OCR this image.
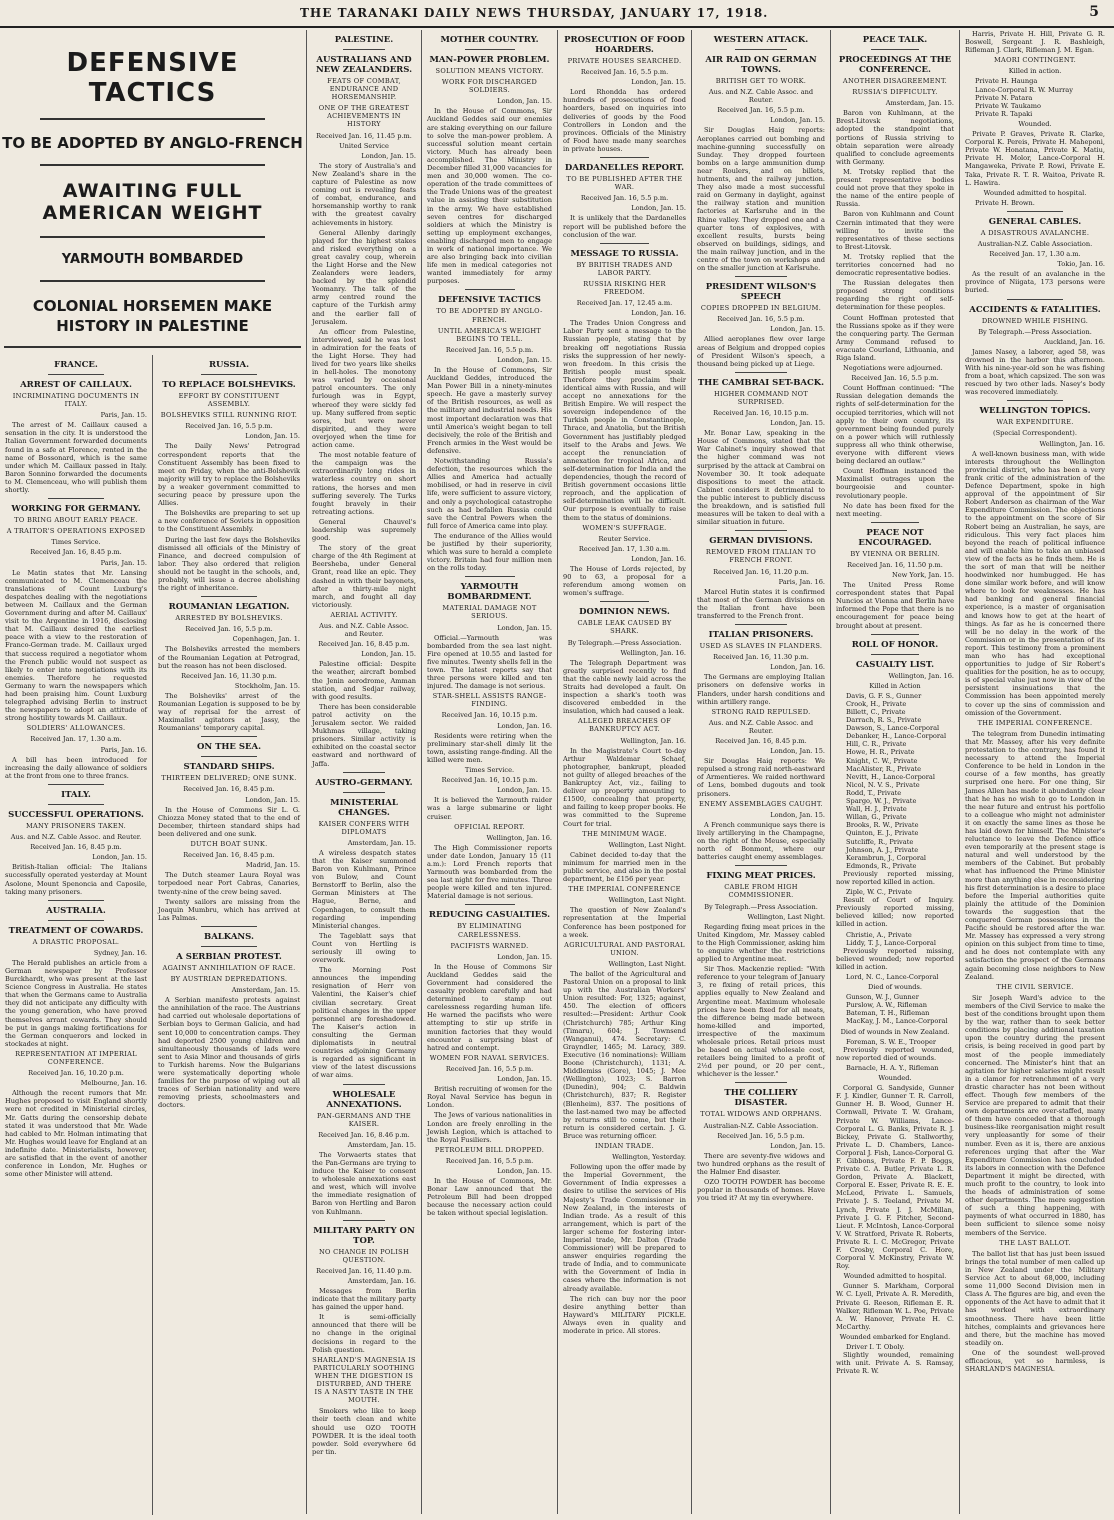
THE TARANAKI DAILY NEWS THURSDAY, JANUARY 17, 1918.	5
DEFENSIVE TACTICS
TO BE ADOPTED BY ANGLO-FRENCH
AWAITING FULL AMERICAN WEIGHT
YARMOUTH BOMBARDED
COLONIAL HORSEMEN MAKE HISTORY IN PALESTINE
FRANCE.
ARREST OF CAILLAUX.
INCRIMINATING DOCUMENTS IN ITALY.
Paris, Jan. 15.

The arrest of M. Caillaux caused a sensation in the city. It is understood the Italian Government forwarded documents found in a safe at Florence, rented in the name of Bossonard, which is the same under which M. Caillaux passed in Italy. Baron Sonnino forwarded the documents to M. Clemenceau, who will publish them shortly.

WORKING FOR GERMANY.
TO BRING ABOUT EARLY PEACE.
A TRAITOR'S OPERATIONS EXPOSED
Times Service.
Received Jan. 16, 8.45 p.m.
Paris, Jan. 15.

Le Matin states that Mr. Lansing communicated to M. Clemenceau the translations of Count Luxburg's despatches dealing with the negotiations between M. Caillaux and the German Government during and after M. Caillaux' visit to the Argentine in 1916, disclosing that M. Caillaux desired the earliest peace with a view to the restoration of Franco-German trade. M. Caillaux urged that success required a negotiator whom the French public would not suspect as likely to enter into negotiations with its enemies. Therefore he requested Germany to warn the newspapers which had been praising him. Count Luxburg telegraphed advising Berlin to instruct the newspapers to adopt an attitude of strong hostility towards M. Caillaux.

SOLDIERS' ALLOWANCES.
Received Jan. 17, 1.30 a.m.
Paris, Jan. 16.

A bill has been introduced for increasing the daily allowance of soldiers at the front from one to three francs.

ITALY.
SUCCESSFUL OPERATIONS.
MANY PRISONERS TAKEN.
Aus. and N.Z. Cable Assoc. and Reuter.
Received Jan. 16, 8.45 p.m.
London, Jan. 15.

British-Italian official: The Italians successfully operated yesterday at Mount Asolone, Mount Spenoncia and Caposile, taking many prisoners.

AUSTRALIA.
TREATMENT OF COWARDS.
A DRASTIC PROPOSAL.
Sydney, Jan. 16.

The Herald publishes an article from a German newspaper by Professor Burckhardt, who was present at the last Science Congress in Australia. He states that when the Germans came to Australia they did not anticipate any difficulty with the young generation, who have proved themselves arrant cowards. They should be put in gangs making fortifications for the German conquerors and locked in stockades at night.

REPRESENTATION AT IMPERIAL CONFERENCE.
Received Jan. 16, 10.20 p.m.
Melbourne, Jan. 16.

Although the recent rumors that Mr. Hughes proposed to visit England shortly were not credited in Ministerial circles, Mr. Gatts during the censorship debate stated it was understood that Mr. Wade had cabled to Mr. Holman intimating that Mr. Hughes would leave for England at an indefinite date. Ministerialists, however, are satisfied that in the event of another conference in London, Mr. Hughes or some other Minister will attend.

RUSSIA.
TO REPLACE BOLSHEVIKS.
EFFORT BY CONSTITUENT ASSEMBLY.
BOLSHEVIKS STILL RUNNING RIOT.
Received Jan. 16, 5.5 p.m.
London, Jan. 15.

The Daily News' Petrograd correspondent reports that the Constituent Assembly has been fixed to meet on Friday, when the anti-Bolshevik majority will try to replace the Bolsheviks by a weaker government committed to securing peace by pressure upon the Allies.

The Bolsheviks are preparing to set up a new conference of Soviets in opposition to the Constituent Assembly.

During the last few days the Bolsheviks dismissed all officials of the Ministry of Finance, and decreed compulsion of labor. They also ordered that religion should not be taught in the schools, and, probably, will issue a decree abolishing the right of inheritance.

ROUMANIAN LEGATION.
ARRESTED BY BOLSHEVIKS.
Received Jan. 16, 5.5 p.m.
Copenhagen, Jan. 1.

The Bolsheviks arrested the members of the Roumanian Legation at Petrograd, but the reason has not been disclosed.

Received Jan. 16, 11.30 p.m.
Stockholm, Jan. 15.

The Bolsheviks' arrest of the Roumanian Legation is supposed to be by way of reprisal for the arrest of Maximalist agitators at Jassy, the Roumanians' temporary capital.

ON THE SEA.
STANDARD SHIPS.
THIRTEEN DELIVERED; ONE SUNK.
Received Jan. 16, 8.45 p.m.
London, Jan. 15.

In the House of Commons Sir L. G. Chiozza Money stated that to the end of December, thirteen standard ships had been delivered and one sunk.

DUTCH BOAT SUNK.
Received Jan. 16, 8.45 p.m.
Madrid, Jan. 15.

The Dutch steamer Laura Royal was torpedoed near Port Cabras, Canaries, twenty-nine of the crew being saved.

Twenty sailors are missing from the Joaquin Mumbru, which has arrived at Las Palmas.

BALKANS.
A SERBIAN PROTEST.
AGAINST ANNIHILATION OF RACE.
BY AUSTRIAN DEPREDATIONS.
Amsterdam, Jan. 15.

A Serbian manifesto protests against the annihilation of the race. The Austrians had carried out wholesale deportations of Serbian boys to German Galicia, and had sent 10,000 to concentration camps. They had deported 2500 young children and simultaneously thousands of lads were sent to Asia Minor and thousands of girls to Turkish harems. Now the Bulgarians were systematically deporting whole families for the purpose of wiping out all traces of Serbian nationality and were removing priests, schoolmasters and doctors.

PALESTINE.
AUSTRALIANS AND NEW ZEALANDERS.
FEATS OF COMBAT, ENDURANCE AND HORSEMANSHIP.
ONE OF THE GREATEST ACHIEVEMENTS IN HISTORY
Received Jan. 16, 11.45 p.m.
United Service
London, Jan. 15.

The story of Australia's and New Zealand's share in the capture of Palestine as now coming out is revealing feats of combat, endurance, and horsemanship worthy to rank with the greatest cavalry achievements in history.

General Allenby daringly played for the highest stakes and risked everything on a great cavalry coup, wherein the Light Horse and the New Zealanders were leaders, backed by the splendid Yeomanry. The talk of the army centred round the capture of the Turkish army and the earlier fall of Jerusalem.

An officer from Palestine, interviewed, said he was lost in admiration for the feats of the Light Horse. They had lived for two years like sheiks in hell-holes. The monotony was varied by occasional patrol encounters. The only furlough was in Egypt, whereof they were sickly fed up. Many suffered from septic sores, but were never dispirited, and they were overjoyed when the time for action came.

The most notable feature of the campaign was the extraordinarily long rides in waterless country on short rations, the horses and men suffering severely. The Turks fought bravely in their retreating actions.

General Chauvel's leadership was supremely good.

The story of the great charge of the 4th Regiment at Beersheba, under General Grant, read like an epic. They dashed in with their bayonets, after a thirty-mile night march, and fought all day victoriously.

AERIAL ACTIVITY.
Aus. and N.Z. Cable Assoc. and Reuter.
Received Jan. 16, 8.45 p.m.
London, Jan. 15.

Palestine official: Despite the weather, aircraft bombed the Jenin aerodrome, Amman station, and Sedjar railway, with good results.

There has been considerable patrol activity on the Jerusalem sector. We raided Mukhmas village, taking prisoners. Similar activity is exhibited on the coastal sector eastward and northward of Jaffa.

AUSTRO-GERMANY.
MINISTERIAL CHANGES.
KAISER CONFERS WITH DIPLOMATS
Amsterdam, Jan. 15.

A wireless despatch states that the Kaiser summoned Baron von Kuhlmann, Prince von Bulow, and Count Bernstorff to Berlin, also the German Ministers at The Hague, Berne, and Copenhagen, to consult them regarding impending Ministerial changes.

The Tageblatt says that Count von Hertling is seriously ill owing to overwork.

The Morning Post announces the impending resignation of Herr von Valentini, the Kaiser's chief civilian secretary. Great political changes in the upper personnel are foreshadowed. The Kaiser's action in consulting the German diplomatists in neutral countries adjoining Germany is regarded as significant in view of the latest discussions of war aims.

WHOLESALE ANNEXATIONS.
PAN-GERMANS AND THE KAISER.
Received Jan. 16, 8.46 p.m.
Amsterdam, Jan. 15.

The Vorwaerts states that the Pan-Germans are trying to induce the Kaiser to consent to wholesale annexations east and west, which will involve the immediate resignation of Baron von Hertling and Baron von Kuhlmann.

MILITARY PARTY ON TOP.
NO CHANGE IN POLISH QUESTION.
Received Jan. 16, 11.40 p.m.
Amsterdam, Jan. 16.

Messages from Berlin indicate that the military party has gained the upper hand.

It is semi-officially announced that there will be no change in the original decisions in regard to the Polish question.

SHARLAND'S MAGNESIA IS PARTICULARLY SOOTHING WHEN THE DIGESTION IS DISTURBED, AND THERE IS A NASTY TASTE IN THE MOUTH.

Smokers who like to keep their teeth clean and white should use OZO TOOTH POWDER. It is the ideal tooth powder. Sold everywhere 6d per tin.

MOTHER COUNTRY.
MAN-POWER PROBLEM.
SOLUTION MEANS VICTORY.
WORK FOR DISCHARGED SOLDIERS.
London, Jan. 15.

In the House of Commons, Sir Auckland Geddes said our enemies are staking everything on our failure to solve the man-power problem. A successful solution meant certain victory. Much has already been accomplished. The Ministry in December filled 31,000 vacancies for men and 30,000 women. The co-operation of the trade committees of the Trade Unions was of the greatest value in assisting their substitution in the army. We have established seven centres for discharged soldiers at which the Ministry is setting up employment exchanges, enabling discharged men to engage in work of national importance. We are also bringing back into civilian life men in medical categories not wanted immediately for army purposes.

DEFENSIVE TACTICS
TO BE ADOPTED BY ANGLO-FRENCH.
UNTIL AMERICA'S WEIGHT BEGINS TO TELL.
Received Jan. 16, 5.5 p.m.
London, Jan. 15.

In the House of Commons, Sir Auckland Geddes, introduced the Man Power Bill in a ninety-minutes speech. He gave a masterly survey of the British resources, as well as the military and industrial needs. His most important declaration was that until America's weight began to tell decisively, the role of the British and French armies in the West would be defensive.

Notwithstanding Russia's defection, the resources which the Allies and America had actually mobilised, or had in reserve in civil life, were sufficient to assure victory, and only a psychological catastrophe such as had befallen Russia could save the Central Powers when the full force of America came into play.

The endurance of the Allies would be justified by their superiority, which was sure to herald a complete victory. Britain had four million men on the rolls today.

YARMOUTH BOMBARDMENT.
MATERIAL DAMAGE NOT SERIOUS.
London, Jan. 15.

Official.—Yarmouth was bombarded from the sea last night. Fire opened at 10.55 and lasted for five minutes. Twenty shells fell in the town. The latest reports say that three persons were killed and ten injured. The damage is not serious.

STAR-SHELL ASSISTS RANGE-FINDING.
Received Jan. 16, 10.15 p.m.
London, Jan. 16.

Residents were retiring when the preliminary star-shell dimly lit the town, assisting range-finding. All the killed were men.

Times Service.
Received Jan. 16, 10.15 p.m.
London, Jan. 15.

It is believed the Yarmouth raider was a large submarine or light cruiser.

OFFICIAL REPORT.
Wellington, Jan. 16.

The High Commissioner reports under date London, January 15 (11 a.m.): Lord French reports that Yarmouth was bombarded from the sea last night for five minutes. Three people were killed and ten injured. Material damage is not serious.

REDUCING CASUALTIES.
BY ELIMINATING CARELESSNESS.
PACIFISTS WARNED.
London, Jan. 15.

In the House of Commons Sir Auckland Geddes said the Government had considered the casualty problem carefully and had determined to stamp out carelessness regarding human life. He warned the pacifists who were attempting to stir up strife in munition factories that they would encounter a surprising blast of hatred and contempt.

WOMEN FOR NAVAL SERVICES.
Received Jan. 16, 5.5 p.m.
London, Jan. 15.

British recruiting of women for the Royal Naval Service has begun in London.

The Jews of various nationalities in London are freely enrolling in the Jewish Legion, which is attached to the Royal Fusiliers.

PETROLEUM BILL DROPPED.
Received Jan. 16, 5.5 p.m.
London, Jan. 15.

In the House of Commons, Mr. Bonar Law announced that the Petroleum Bill had been dropped because the necessary action could be taken without special legislation.

PROSECUTION OF FOOD HOARDERS.
PRIVATE HOUSES SEARCHED.
Received Jan. 16, 5.5 p.m.
London, Jan. 15.

Lord Rhondda has ordered hundreds of prosecutions of food hoarders, based on inquiries into deliveries of goods by the Food Controllers in London and the provinces. Officials of the Ministry of Food have made many searches in private houses.

DARDANELLES REPORT.
TO BE PUBLISHED AFTER THE WAR.
Received Jan. 16, 5.5 p.m.
London, Jan. 15.

It is unlikely that the Dardanelles report will be published before the conclusion of the war.

MESSAGE TO RUSSIA.
BY BRITISH TRADES AND LABOR PARTY.
RUSSIA RISKING HER FREEDOM.
Received Jan. 17, 12.45 a.m.
London, Jan. 16.

The Trades Union Congress and Labor Party sent a message to the Russian people, stating that by breaking off negotiations Russia risks the suppression of her newly-won freedom. In this crisis the British people must speak. Therefore they proclaim their identical aims with Russia, and will accept no annexations for the British Empire. We will respect the sovereign independence of the Turkish people in Constantinople, Thrace, and Anatolia, but the British Government has justifiably pledged itself to the Arabs and Jews. We accept the renunciation of annexation for tropical Africa, and self-determination for India and the dependencies, though the record of British government occasions little reproach, and the application of self-determination will be difficult. Our purpose is eventually to raise them to the status of dominions.

WOMEN'S SUFFRAGE.
Reuter Service.
Received Jan. 17, 1.30 a.m.
London, Jan. 16.

The House of Lords rejected, by 90 to 63, a proposal for a referendum among women on women's suffrage.

DOMINION NEWS.
CABLE LEAK CAUSED BY SHARK.
By Telegraph.—Press Association.
Wellington, Jan. 16.

The Telegraph Department was greatly surprised recently to find that the cable newly laid across the Straits had developed a fault. On inspection a shark's tooth was discovered embedded in the insulation, which had caused a leak.

ALLEGED BREACHES OF BANKRUPTCY ACT.
Wellington, Jan. 16.

In the Magistrate's Court to-day Arthur Waldemar Schaef, photographer, bankrupt, pleaded not guilty of alleged breaches of the Bankruptcy Act, viz., failing to deliver up property amounting to £1500, concealing that property, and failing to keep proper books. He was committed to the Supreme Court for trial.

THE MINIMUM WAGE.
Wellington, Last Night.

Cabinet decided to-day that the minimum for married men in the public service, and also in the postal department, be £156 per year.

THE IMPERIAL CONFERENCE
Wellington, Last Night.

The question of New Zealand's representation at the Imperial Conference has been postponed for a week.

AGRICULTURAL AND PASTORAL UNION.
Wellington, Last Night.

The ballot of the Agricultural and Pastoral Union on a proposal to link up with the Australian Workers' Union resulted: For, 1325; against, 450. The election of officers resulted:—President: Arthur Cook (Christchurch) 785; Arthur King (Timaru), 604; J. Townsend (Wanganui), 474. Secretary: C. Grayndler, 1465; M. Laracy, 389. Executive (16 nominations): William Boone (Christchurch), 1131; A. Middlemiss (Gore), 1045; J. Mee (Wellington), 1023; S. Barron (Dunedin), 904; C. Baldwin (Christchurch), 837; R. Register (Blenheim), 837. The positions of the last-named two may be affected by returns still to come, but their return is considered certain. J. G. Bruce was returning officer.

INDIAN TRADE.
Wellington, Yesterday.

Following upon the offer made by the Imperial Government, the Government of India expresses a desire to utilise the services of His Majesty's Trade Commissioner in New Zealand, in the interests of Indian trade. As a result of this arrangement, which is part of the larger scheme for fostering inter-Imperial trade, Mr. Dalton (Trade Commissioner) will be prepared to answer enquiries regarding the trade of India, and to communicate with the Government of India in cases where the information is not already available.

The rich can buy nor the poor desire anything better than Hayward's MILITARY PICKLE. Always even in quality and moderate in price. All stores.

WESTERN ATTACK.
AIR RAID ON GERMAN TOWNS.
BRITISH GET TO WORK.
Aus. and N.Z. Cable Assoc. and Reuter.
Received Jan. 16, 5.5 p.m.
London, Jan. 15.

Sir Douglas Haig reports: Aeroplanes carried out bombing and machine-gunning successfully on Sunday. They dropped fourteen bombs on a large ammunition dump near Roulers, and on billets, hutments, and the railway junction. They also made a most successful raid on Germany in daylight, against the railway station and munition factories at Karlsruhe and in the Rhine valley. They dropped one and a quarter tons of explosives, with excellent results, bursts being observed on buildings, sidings, and the main railway junction, and in the centre of the town on workshops and on the smaller junction at Karlsruhe.

PRESIDENT WILSON'S SPEECH
COPIES DROPPED IN BELGIUM.
Received Jan. 16, 5.5 p.m.
London, Jan. 15.

Allied aeroplanes flew over large areas of Belgium and dropped copies of President Wilson's speech, a thousand being picked up at Liege.

THE CAMBRAI SET-BACK.
HIGHER COMMAND NOT SURPRISED.
Received Jan. 16, 10.15 p.m.
London, Jan. 15.

Mr. Bonar Law, speaking in the House of Commons, stated that the War Cabinet's inquiry showed that the higher command was not surprised by the attack at Cambrai on November 30. It took adequate dispositions to meet the attack. Cabinet considers it detrimental to the public interest to publicly discuss the breakdown, and is satisfied full measures will be taken to deal with a similar situation in future.

GERMAN DIVISIONS.
REMOVED FROM ITALIAN TO FRENCH FRONT.
Received Jan. 16, 11.20 p.m.
Paris, Jan. 16.

Marcel Hutin states it is confirmed that most of the German divisions on the Italian front have been transferred to the French front.

ITALIAN PRISONERS.
USED AS SLAVES IN FLANDERS.
Received Jan. 16, 11.30 p.m.
London, Jan. 16.

The Germans are employing Italian prisoners on defensive works in Flanders, under harsh conditions and within artillery range.

STRONG RAID REPULSED.
Aus. and N.Z. Cable Assoc. and Reuter.
Received Jan. 16, 8.45 p.m.
London, Jan. 15.

Sir Douglas Haig reports: We repulsed a strong raid north-eastward of Armentieres. We raided northward of Lens, bombed dugouts and took prisoners.

ENEMY ASSEMBLAGES CAUGHT.
London, Jan. 15.

A French communique says there is lively artillerying in the Champagne, on the right of the Meuse, especially north of Bonmont, where our batteries caught enemy assemblages.

FIXING MEAT PRICES.
CABLE FROM HIGH COMMISSIONER.
By Telegraph.—Press Association.
Wellington, Last Night.

Regarding fixing meat prices in the United Kingdom, Mr. Massey cabled to the High Commissioner, asking him to enquire whether the restrictions applied to Argentine meat.

Sir Thos. Mackenzie replied: "With reference to your telegram of January 3, re fixing of retail prices, this applies equally to New Zealand and Argentine meat. Maximum wholesale prices have been fixed for all meats, the difference being made between home-killed and imported, irrespective of the maximum wholesale prices. Retail prices must be based on actual wholesale cost, retailers being limited to a profit of 2½d per pound, or 20 per cent., whichever is the lesser."

THE COLLIERY DISASTER.
TOTAL WIDOWS AND ORPHANS.
Australian-N.Z. Cable Association.
Received Jan. 16, 5.5 p.m.
London, Jan. 15.

There are seventy-five widows and two hundred orphans as the result of the Halmer End disaster.

OZO TOOTH POWDER has become popular in thousands of homes. Have you tried it? At my tin everywhere.

PEACE TALK.
PROCEEDINGS AT THE CONFERENCE.
ANOTHER DISAGREEMENT.
RUSSIA'S DIFFICULTY.
Amsterdam, Jan. 15.

Baron von Kuhlmann, at the Brest-Litovsk negotiations, adopted the standpoint that portions of Russia striving to obtain separation were already qualified to conclude agreements with Germany.

M. Trotsky replied that the present representative bodies could not prove that they spoke in the name of the entire people of Russia.

Baron von Kuhlmann and Count Czernin intimated that they were willing to invite the representatives of these sections to Brest-Litovsk.

M. Trotsky replied that the territories concerned had no democratic representative bodies.

The Russian delegates then proposed strong conditions regarding the right of self-determination for these peoples.

Count Hoffman protested that the Russians spoke as if they were the conquering party. The German Army Command refused to evacuate Courland, Lithuania, and Riga Island.

Negotiations were adjourned.

Received Jan. 16, 5.5 p.m.

Count Hoffman continued: "The Russian delegation demands the rights of self-determination for the occupied territories, which will not apply to their own country, its government being founded purely on a power which will ruthlessly suppress all who think otherwise, everyone with different views being declared an outlaw."

Count Hoffman instanced the Maximalist outrages upon the bourgeoisie and counter-revolutionary people.

No date has been fixed for the next meeting.

PEACE NOT ENCOURAGED.
BY VIENNA OR BERLIN.
Received Jan. 16, 11.50 p.m.
New York, Jan. 15.

The United Press Rome correspondent states that Papal Nuncios at Vienna and Berlin have informed the Pope that there is no encouragement for peace being brought about at present.

ROLL OF HONOR.
CASUALTY LIST.
Wellington, Jan. 16.
Killed in Action
Davis, G. F. S., Gunner
Crook, H., Private
Billett, C., Private
Darrach, R. S., Private
Dawson, S., Lance-Corporal
Debanker, H., Lance-Corporal
Hill, C. R., Private
Howe, H. R., Private
Knight, C. W., Private
MacAlister, R., Private
Nevitt, H., Lance-Corporal
Nicol, N. V. S., Private
Rodd, T., Private
Spargo, W. J., Private
Wall, H. J., Private
Willan, G., Private
Brooks, R. W., Private
Quinton, E. J., Private
Sutcliffe, R., Private
Johnson, A. J., Private
Kerambrun, J., Corporal
Edmonds, R., Private

Previously reported missing, now reported killed in action.

Ziple, W. C., Private

Result of Court of Inquiry. Previously reported missing, believed killed; now reported killed in action.

Christie, A., Private
Liddy, T. J., Lance-Corporal

Previously reported missing, believed wounded; now reported killed in action.

Lord, N. C., Lance-Corporal
Died of wounds.
Gunson, W. J., Gunner
Purslow, A. W., Rifleman
Bateman, T. H., Rifleman
MacKay, J. M., Lance-Corporal
Died of wounds in New Zealand.
Foreman, S. W. E., Trooper

Previously reported wounded, now reported died of wounds.

Barnacle, H. A. Y., Rifleman
Wounded.

Corporal G. Sandyside, Gunner F. J. Kindler, Gunner T. R. Carroll, Gunner H. B. Wood, Gunner H. Cornwall, Private T. W. Graham, Private W. Williams, Lance-Corporal L. G. Banks, Private R. J. Bickey, Private G. Stallworthy, Private L. D. Chambers, Lance-Corporal J. Fish, Lance-Corporal G. F. Gibbons, Private F. P. Boggs, Private C. A. Butler, Private L. R. Gordon, Private A. Blackett, Corporal E. Esser, Private R. E. E. McLeod, Private L. Samuels, Private J. S. Teeland, Private M. Lynch, Private J. J. McMillan, Private J. G. F. Pitcher, Second-Lieut. F. McIntosh, Lance-Corporal V. W. Stratford, Private R. Roberts, Private R. I. C. McGregor, Private F. Crosby, Corporal C. Hore, Corporal V. McKinstry, Private W. Roy.

Wounded admitted to hospital.

Gunner S. Markham, Corporal W. C. Lyell, Private A. R. Meredith, Private G. Reeson, Rifleman E. R. Walker, Rifleman W. L. Poe, Private A. W. Hanover, Private H. C. McCarthy.

Wounded embarked for England.
Driver I. T. Oboly.

Slightly wounded, remaining with unit. Private A. S. Ramsay, Private R. W.

Harris, Private H. Hill, Private G. R. Boswell, Sergeant J. R. Bashleigh, Rifleman J. Clark, Rifleman J. M. Egan.

MAORI CONTINGENT.
Killed in action.
Private H. Haunga
Lance-Corporal R. W. Murray
Private N. Patara
Private W. Taukamo
Private R. Tapaki
Wounded.

Private P. Graves, Private R. Clarke, Corporal K. Pereis, Private H. Maheponi, Private W. Honatana, Private K. Matiu, Private H. Molor, Lance-Corporal H. Mangaweka, Private P. Rowi, Private E. Taka, Private R. T. R. Waitoa, Private R. L. Hawira.

Wounded admitted to hospital.
Private H. Brown.
GENERAL CABLES.
A DISASTROUS AVALANCHE.
Australian-N.Z. Cable Association.
Received Jan. 17, 1.30 a.m.
Tokio, Jan. 16.

As the result of an avalanche in the province of Niigata, 173 persons were buried.

ACCIDENTS & FATALITIES.
DROWNED WHILE FISHING.
By Telegraph.—Press Association.
Auckland, Jan. 16.

James Nasey, a laborer, aged 58, was drowned in the harbor this afternoon. With his nine-year-old son he was fishing from a boat, which capsized. The son was rescued by two other lads. Nasey's body was recovered immediately.

WELLINGTON TOPICS.
WAR EXPENDITURE.
(Special Correspondent).
Wellington, Jan. 16.

A well-known business man, with wide interests throughout the Wellington provincial district, who has been a very frank critic of the administration of the Defence Department, spoke in high approval of the appointment of Sir Robert Anderson as chairman of the War Expenditure Commission. The objections to the appointment on the score of Sir Robert being an Australian, he says, are ridiculous. This very fact places him beyond the reach of political influence and will enable him to take an unbiased view of the facts as he finds them. He is the sort of man that will be neither hoodwinked nor humbugged. He has done similar work before, and will know where to look for weaknesses. He has had banking and general financial experience, is a master of organisation and knows how to get at the heart of things. As far as he is concerned there will be no delay in the work of the Commission or in the presentation of its report. This testimony from a prominent man who has had exceptional opportunities to judge of Sir Robert's qualities for the position, he as to occupy, is of special value just now in view of the persistent insinuations that the Commission has been appointed merely to cover up the sins of commission and omission of the Government.

THE IMPERIAL CONFERENCE.

The telegram from Dunedin intimating that Mr. Massey, after his very definite protestation to the contrary, has found it necessary to attend the Imperial Conference to be held in London in the course of a few months, has greatly surprised one here. For one thing, Sir James Allen has made it abundantly clear that he has no wish to go to London in the near future and entrust his portfolio to a colleague who might not administer it on exactly the same lines as those he has laid down for himself. The Minister's reluctance to leave the Defence office even temporarily at the present stage is natural and well understood by the members of the Cabinet. But probably what has influenced the Prime Minister more than anything else in reconsidering his first determination is a desire to place before the Imperial authorities quite plainly the attitude of the Dominion towards the suggestion that the conquered German possessions in the Pacific should be restored after the war. Mr. Massey has expressed a very strong opinion on this subject from time to time, and he does not contemplate with any satisfaction the prospect of the Germans again becoming close neighbors to New Zealand.

THE CIVIL SERVICE.

Sir Joseph Ward's advice to the members of the Civil Service to make the best of the conditions brought upon them by the war, rather than to seek better conditions by placing additional taxation upon the country during the present crisis, is being received in good part by most of the people immediately concerned. The Minister's hint that an agitation for higher salaries might result in a clamor for retrenchment of a very drastic character has not been without effect. Though few members of the Service are prepared to admit that their own departments are over-staffed, many of them have conceded that a thorough business-like reorganisation might result very unpleasantly for some of their number. Even as it is, there are anxious references urging that after the War Expenditure Commission has concluded its labors in connection with the Defence Department it might be directed, with much profit to the country, to look into the heads of administration of some other departments. The mere suggestion of such a thing happening, with payments of what occurred in 1880, has been sufficient to silence some noisy members of the Service.

THE LAST BALLOT.

The ballot list that has just been issued brings the total number of men called up in New Zealand under the Military Service Act to about 68,000, including some 11,000 Second Division men in Class A. The figures are big, and even the opponents of the Act have to admit that it has worked with extraordinary smoothness. There have been little hitches, complaints and grievances here and there, but the machine has moved steadily on.

One of the soundest well-proved efficacious, yet so harmless, is SHARLAND'S MAGNESIA.
